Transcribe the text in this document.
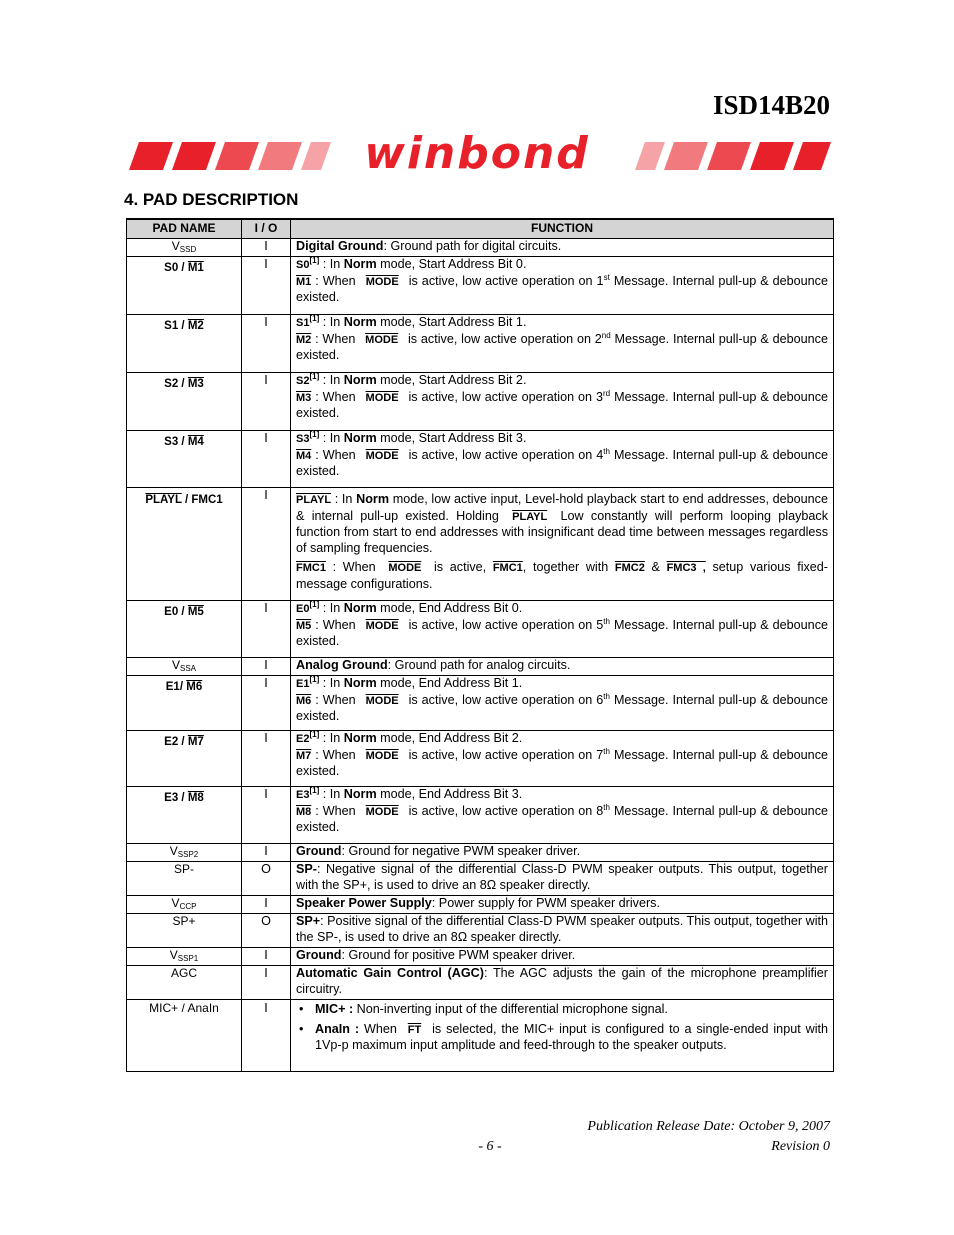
ISD14B20
winbond
4. PAD DESCRIPTION
PAD NAME	I / O	FUNCTION
$V_{SSD}$	I	Digital Ground: Ground path for digital circuits.
S0 / M1	I	S0[1] : In Norm mode, Start Address Bit 0.

M1 : When MODE is active, low active operation on 1st Message. Internal pull-up & debounce existed.

S1 / M2	I	S1[1] : In Norm mode, Start Address Bit 1.

M2 : When MODE is active, low active operation on 2nd Message. Internal pull-up & debounce existed.

S2 / M3	I	S2[1] : In Norm mode, Start Address Bit 2.

M3 : When MODE is active, low active operation on 3rd Message. Internal pull-up & debounce existed.

S3 / M4	I	S3[1] : In Norm mode, Start Address Bit 3.

M4 : When MODE is active, low active operation on 4th Message. Internal pull-up & debounce existed.

PLAYL / FMC1	I	PLAYL : In Norm mode, low active input, Level-hold playback start to end addresses, debounce & internal pull-up existed. Holding PLAYL Low constantly will perform looping playback function from start to end addresses with insignificant dead time between messages regardless of sampling frequencies.

FMC1 : When MODE is active, FMC1, together with FMC2 & FMC3 , setup various fixed-message configurations.

E0 / M5	I	E0[1] : In Norm mode, End Address Bit 0.

M5 : When MODE is active, low active operation on 5th Message. Internal pull-up & debounce existed.

$V_{SSA}$	I	Analog Ground: Ground path for analog circuits.
E1/ M6	I	E1[1] : In Norm mode, End Address Bit 1.

M6 : When MODE is active, low active operation on 6th Message. Internal pull-up & debounce existed.

E2 / M7	I	E2[1] : In Norm mode, End Address Bit 2.

M7 : When MODE is active, low active operation on 7th Message. Internal pull-up & debounce existed.

E3 / M8	I	E3[1] : In Norm mode, End Address Bit 3.

M8 : When MODE is active, low active operation on 8th Message. Internal pull-up & debounce existed.

$V_{SSP2}$	I	Ground: Ground for negative PWM speaker driver.
SP-	O	SP-: Negative signal of the differential Class-D PWM speaker outputs. This output, together with the SP+, is used to drive an 8Ω speaker directly.
$V_{CCP}$	I	Speaker Power Supply: Power supply for PWM speaker drivers.
SP+	O	SP+: Positive signal of the differential Class-D PWM speaker outputs. This output, together with the SP-, is used to drive an 8Ω speaker directly.
$V_{SSP1}$	I	Ground: Ground for positive PWM speaker driver.
AGC	I	Automatic Gain Control (AGC): The AGC adjusts the gain of the microphone preamplifier circuitry.
MIC+ / AnaIn	I	• MIC+ : Non-inverting input of the differential microphone signal.
• AnaIn : When $\overline{FT}$ is selected, the MIC+ input is configured to a single-ended input with 1Vp-p maximum input amplitude and feed-through to the speaker outputs.
Publication Release Date: October 9, 2007
- 6 -	Revision 0
